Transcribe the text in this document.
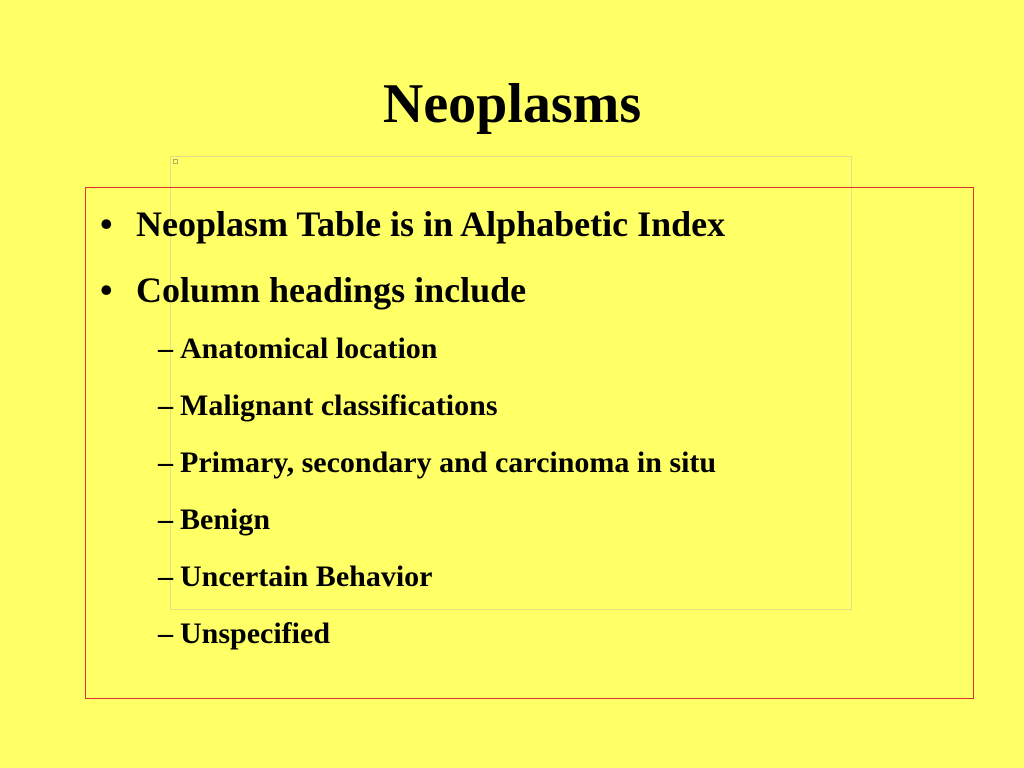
Neoplasms
• Neoplasm Table is in Alphabetic Index
• Column headings include
– Anatomical location
– Malignant classifications
– Primary, secondary and carcinoma in situ
– Benign
– Uncertain Behavior
– Unspecified
